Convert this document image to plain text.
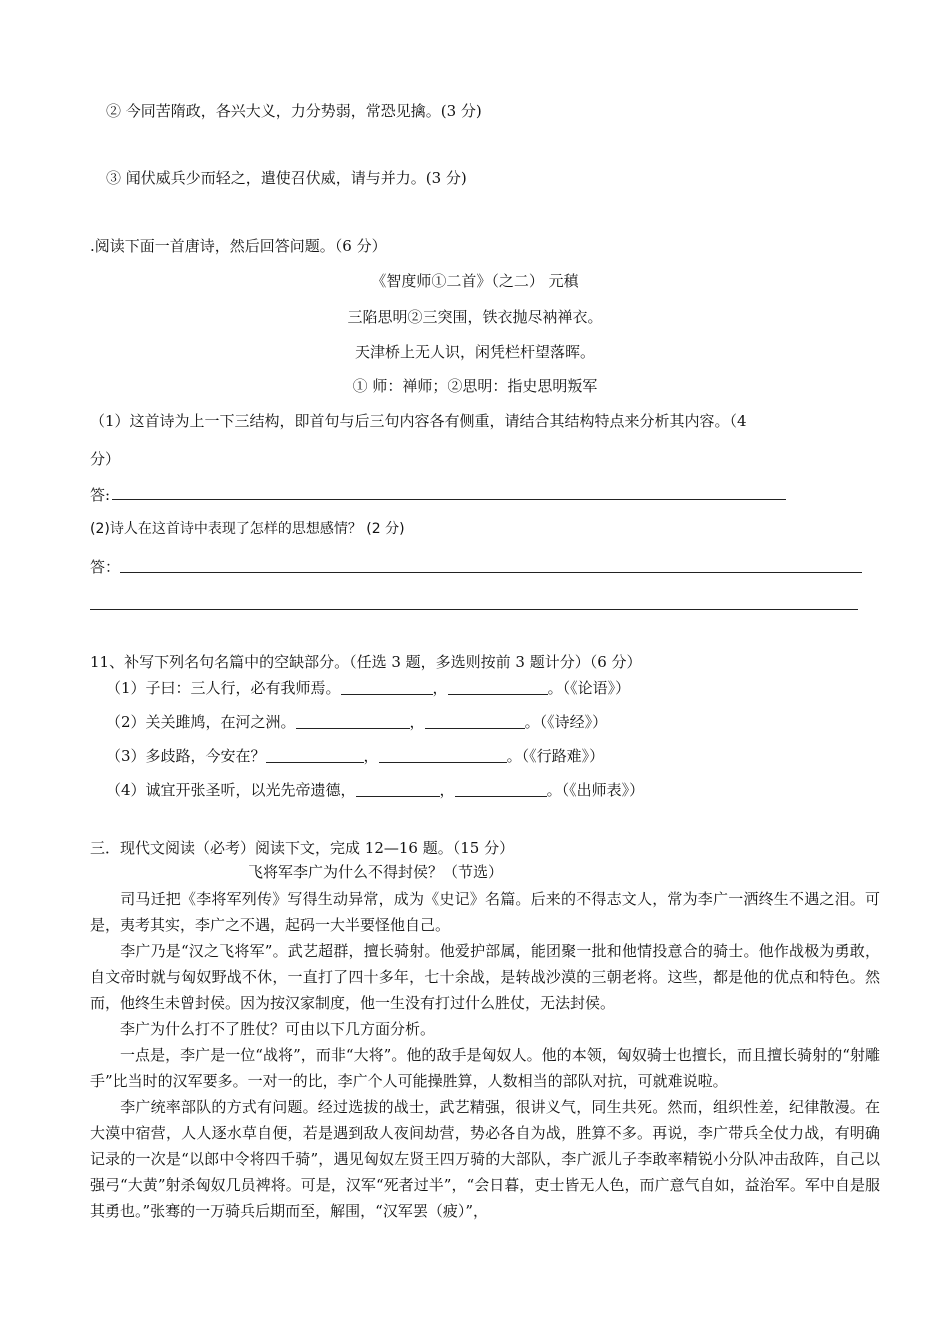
② 今同苦隋政，各兴大义，力分势弱，常恐见擒。(3 分)
③ 闻伏威兵少而轻之，遣使召伏威，请与并力。(3 分)
.阅读下面一首唐诗，然后回答问题。（6 分）
《智度师①二首》（之二） 元稹
三陷思明②三突围，铁衣抛尽衲禅衣。
天津桥上无人识，闲凭栏杆望落晖。
① 师：禅师；②思明：指史思明叛军
（1）这首诗为上一下三结构，即首句与后三句内容各有侧重，请结合其结构特点来分析其内容。（4
分）
答:
(2)诗人在这首诗中表现了怎样的思想感情？ (2 分)
答：
11、补写下列名句名篇中的空缺部分。（任选 3 题，多选则按前 3 题计分）（6 分）
（1）子曰：三人行，必有我师焉。	，	。（《论语》）
（2）关关雎鸠，在河之洲。	，	。（《诗经》）
（3）多歧路，今安在？	，	。（《行路难》）
（4）诚宜开张圣听，以光先帝遗德，	，	。（《出师表》）
三．现代文阅读（必考）阅读下文，完成 12—16 题。（15 分）
飞将军李广为什么不得封侯？（节选）
司马迁把《李将军列传》写得生动异常，成为《史记》名篇。后来的不得志文人，常为李广一洒终生不遇之泪。可是，夷考其实，李广之不遇，起码一大半要怪他自己。
李广乃是“汉之飞将军”。武艺超群，擅长骑射。他爱护部属，能团聚一批和他情投意合的骑士。他作战极为勇敢，自文帝时就与匈奴野战不休，一直打了四十多年，七十余战，是转战沙漠的三朝老将。这些，都是他的优点和特色。然而，他终生未曾封侯。因为按汉家制度，他一生没有打过什么胜仗，无法封侯。
李广为什么打不了胜仗？可由以下几方面分析。
一点是，李广是一位“战将”，而非“大将”。他的敌手是匈奴人。他的本领，匈奴骑士也擅长，而且擅长骑射的“射雕手”比当时的汉军要多。一对一的比，李广个人可能操胜算，人数相当的部队对抗，可就难说啦。
李广统率部队的方式有问题。经过选拔的战士，武艺精强，很讲义气，同生共死。然而，组织性差，纪律散漫。在大漠中宿营，人人逐水草自便，若是遇到敌人夜间劫营，势必各自为战，胜算不多。再说，李广带兵全仗力战，有明确记录的一次是“以郎中令将四千骑”，遇见匈奴左贤王四万骑的大部队，李广派儿子李敢率精锐小分队冲击敌阵，自己以强弓“大黄”射杀匈奴几员裨将。可是，汉军“死者过半”，“会日暮，吏士皆无人色，而广意气自如，益治军。军中自是服其勇也。”张骞的一万骑兵后期而至，解围，“汉军罢（疲）”，
